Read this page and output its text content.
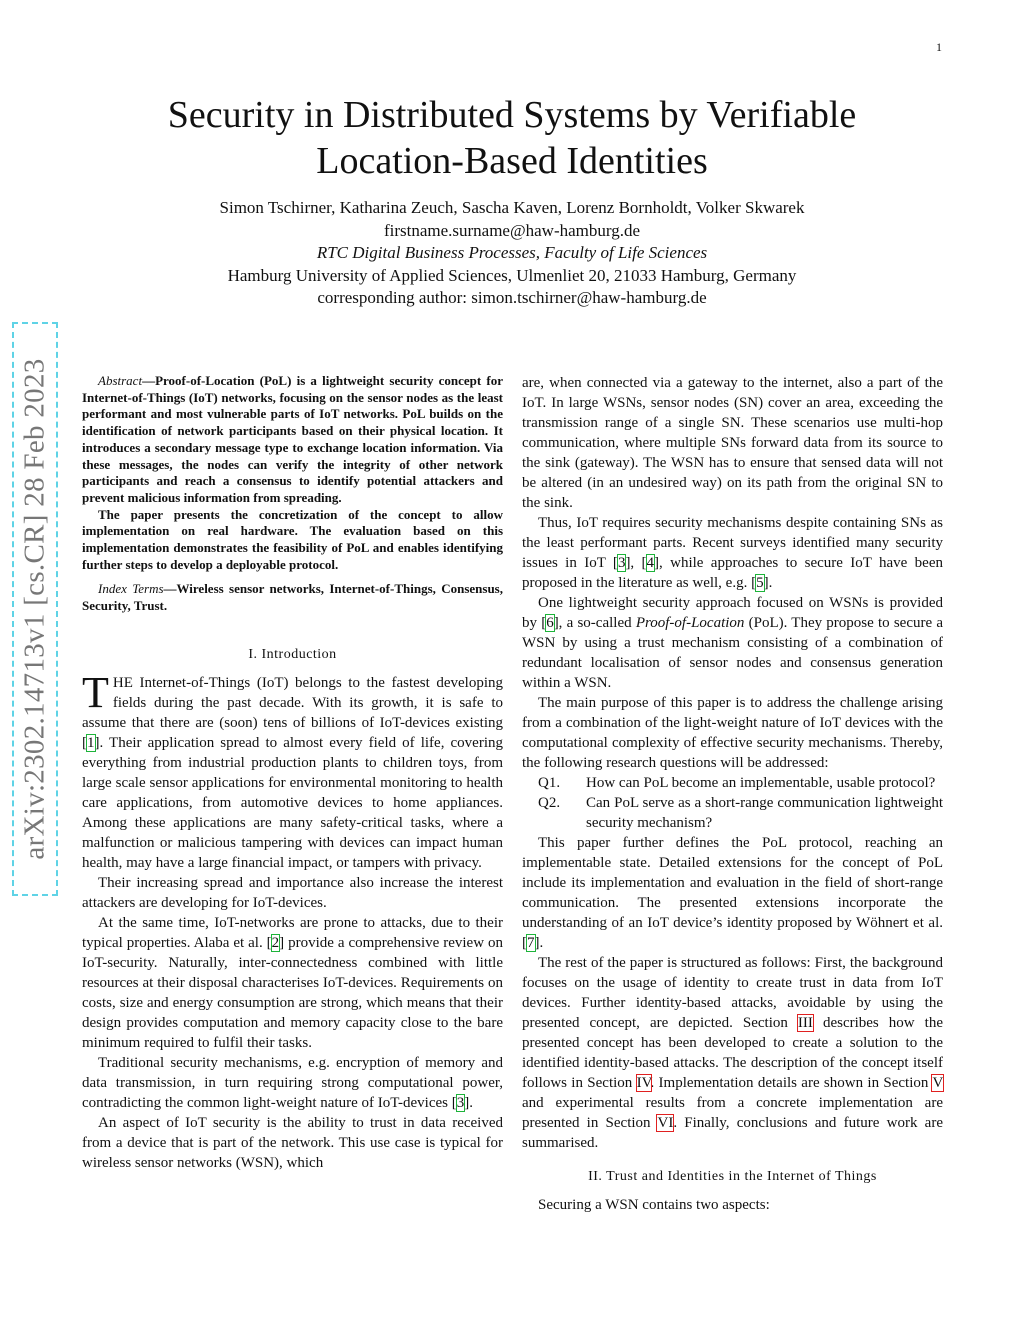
1
Security in Distributed Systems by Verifiable
Location-Based Identities
Simon Tschirner, Katharina Zeuch, Sascha Kaven, Lorenz Bornholdt, Volker Skwarek
firstname.surname@haw-hamburg.de
RTC Digital Business Processes, Faculty of Life Sciences
Hamburg University of Applied Sciences, Ulmenliet 20, 21033 Hamburg, Germany
corresponding author: simon.tschirner@haw-hamburg.de
arXiv:2302.14713v1 [cs.CR] 28 Feb 2023	Abstract—Proof-of-Location (PoL) is a lightweight security concept for Internet-of-Things (IoT) networks, focusing on the sensor nodes as the least performant and most vulnerable parts of IoT networks. PoL builds on the identification of network participants based on their physical location. It introduces a secondary message type to exchange location information. Via these messages, the nodes can verify the integrity of other network participants and reach a consensus to identify potential attackers and prevent malicious information from spreading.

The paper presents the concretization of the concept to allow implementation on real hardware. The evaluation based on this implementation demonstrates the feasibility of PoL and enables identifying further steps to develop a deployable protocol.

Index Terms—Wireless sensor networks, Internet-of-Things, Consensus, Security, Trust.

I. Introduction

THE Internet-of-Things (IoT) belongs to the fastest developing fields during the past decade. With its growth, it is safe to assume that there are (soon) tens of billions of IoT-devices existing [1]. Their application spread to almost every field of life, covering everything from industrial production plants to children toys, from large scale sensor applications for environmental monitoring to health care applications, from automotive devices to home appliances. Among these applications are many safety-critical tasks, where a malfunction or malicious tampering with devices can impact human health, may have a large financial impact, or tampers with privacy.

Their increasing spread and importance also increase the interest attackers are developing for IoT-devices.

At the same time, IoT-networks are prone to attacks, due to their typical properties. Alaba et al. [2] provide a comprehensive review on IoT-security. Naturally, inter-connectedness combined with little resources at their disposal characterises IoT-devices. Requirements on costs, size and energy consumption are strong, which means that their design provides computation and memory capacity close to the bare minimum required to fulfil their tasks.

Traditional security mechanisms, e.g. encryption of memory and data transmission, in turn requiring strong computational power, contradicting the common light-weight nature of IoT-devices [3].

An aspect of IoT security is the ability to trust in data received from a device that is part of the network. This use case is typical for wireless sensor networks (WSN), which

are, when connected via a gateway to the internet, also a part of the IoT. In large WSNs, sensor nodes (SN) cover an area, exceeding the transmission range of a single SN. These scenarios use multi-hop communication, where multiple SNs forward data from its source to the sink (gateway). The WSN has to ensure that sensed data will not be altered (in an undesired way) on its path from the original SN to the sink.

Thus, IoT requires security mechanisms despite containing SNs as the least performant parts. Recent surveys identified many security issues in IoT [3], [4], while approaches to secure IoT have been proposed in the literature as well, e.g. [5].

One lightweight security approach focused on WSNs is provided by [6], a so-called Proof-of-Location (PoL). They propose to secure a WSN by using a trust mechanism consisting of a combination of redundant localisation of sensor nodes and consensus generation within a WSN.

The main purpose of this paper is to address the challenge arising from a combination of the light-weight nature of IoT devices with the computational complexity of effective security mechanisms. Thereby, the following research questions will be addressed:

Q1.	How can PoL become an implementable, usable protocol?
Q2.	Can PoL serve as a short-range communication lightweight security mechanism?

This paper further defines the PoL protocol, reaching an implementable state. Detailed extensions for the concept of PoL include its implementation and evaluation in the field of short-range communication. The presented extensions incorporate the understanding of an IoT device’s identity proposed by Wöhnert et al. [7].

The rest of the paper is structured as follows: First, the background focuses on the usage of identity to create trust in data from IoT devices. Further identity-based attacks, avoidable by using the presented concept, are depicted. Section III describes how the presented concept has been developed to create a solution to the identified identity-based attacks. The description of the concept itself follows in Section IV. Implementation details are shown in Section V and experimental results from a concrete implementation are presented in Section VI. Finally, conclusions and future work are summarised.

II. Trust and Identities in the Internet of Things

Securing a WSN contains two aspects:
